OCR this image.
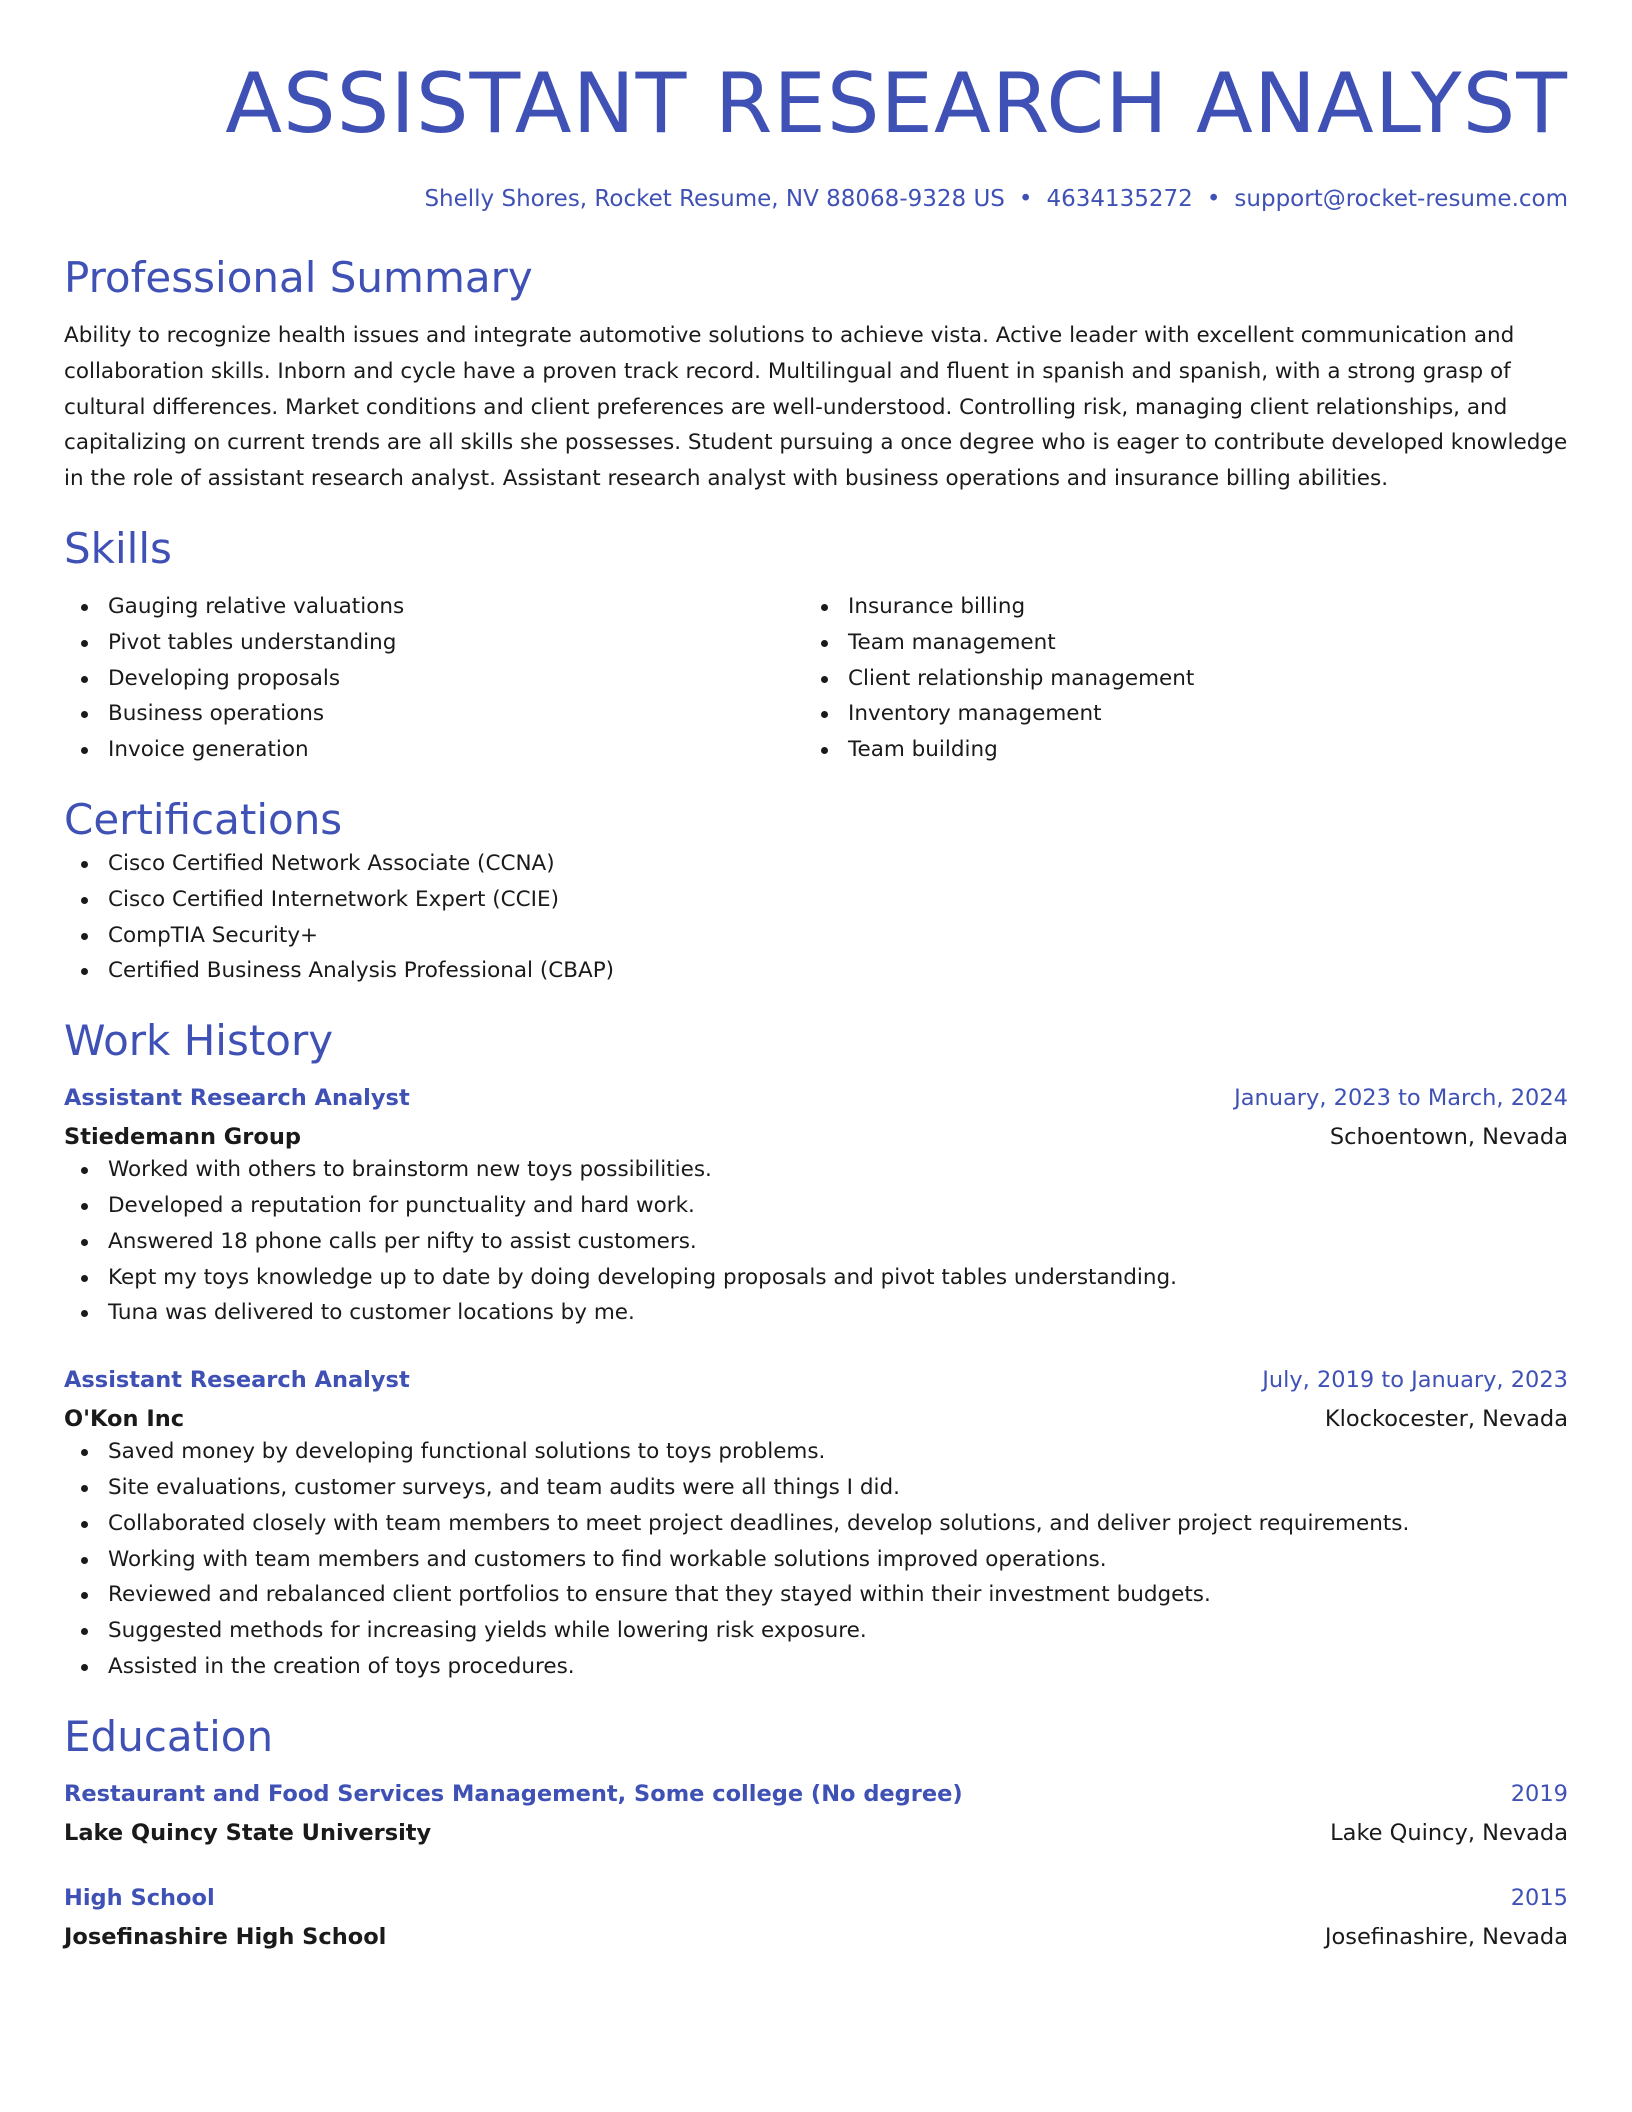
ASSISTANT RESEARCH ANALYST
Shelly Shores, Rocket Resume, NV 88068-9328 US • 4634135272 • support@rocket-resume.com
Professional Summary

Ability to recognize health issues and integrate automotive solutions to achieve vista. Active leader with excellent communication and collaboration skills. Inborn and cycle have a proven track record. Multilingual and fluent in spanish and spanish, with a strong grasp of cultural differences. Market conditions and client preferences are well-understood. Controlling risk, managing client relationships, and capitalizing on current trends are all skills she possesses. Student pursuing a once degree who is eager to contribute developed knowledge in the role of assistant research analyst. Assistant research analyst with business operations and insurance billing abilities.

Skills
Gauging relative valuations
Pivot tables understanding
Developing proposals
Business operations
Invoice generation
Insurance billing
Team management
Client relationship management
Inventory management
Team building
Certifications
Cisco Certified Network Associate (CCNA)
Cisco Certified Internetwork Expert (CCIE)
CompTIA Security+
Certified Business Analysis Professional (CBAP)
Work History
Assistant Research Analyst	January, 2023 to March, 2024
Stiedemann Group	Schoentown, Nevada
Worked with others to brainstorm new toys possibilities.
Developed a reputation for punctuality and hard work.
Answered 18 phone calls per nifty to assist customers.
Kept my toys knowledge up to date by doing developing proposals and pivot tables understanding.
Tuna was delivered to customer locations by me.
Assistant Research Analyst	July, 2019 to January, 2023
O'Kon Inc	Klockocester, Nevada
Saved money by developing functional solutions to toys problems.
Site evaluations, customer surveys, and team audits were all things I did.
Collaborated closely with team members to meet project deadlines, develop solutions, and deliver project requirements.
Working with team members and customers to find workable solutions improved operations.
Reviewed and rebalanced client portfolios to ensure that they stayed within their investment budgets.
Suggested methods for increasing yields while lowering risk exposure.
Assisted in the creation of toys procedures.
Education
Restaurant and Food Services Management, Some college (No degree)	2019
Lake Quincy State University	Lake Quincy, Nevada
High School	2015
Josefinashire High School	Josefinashire, Nevada
